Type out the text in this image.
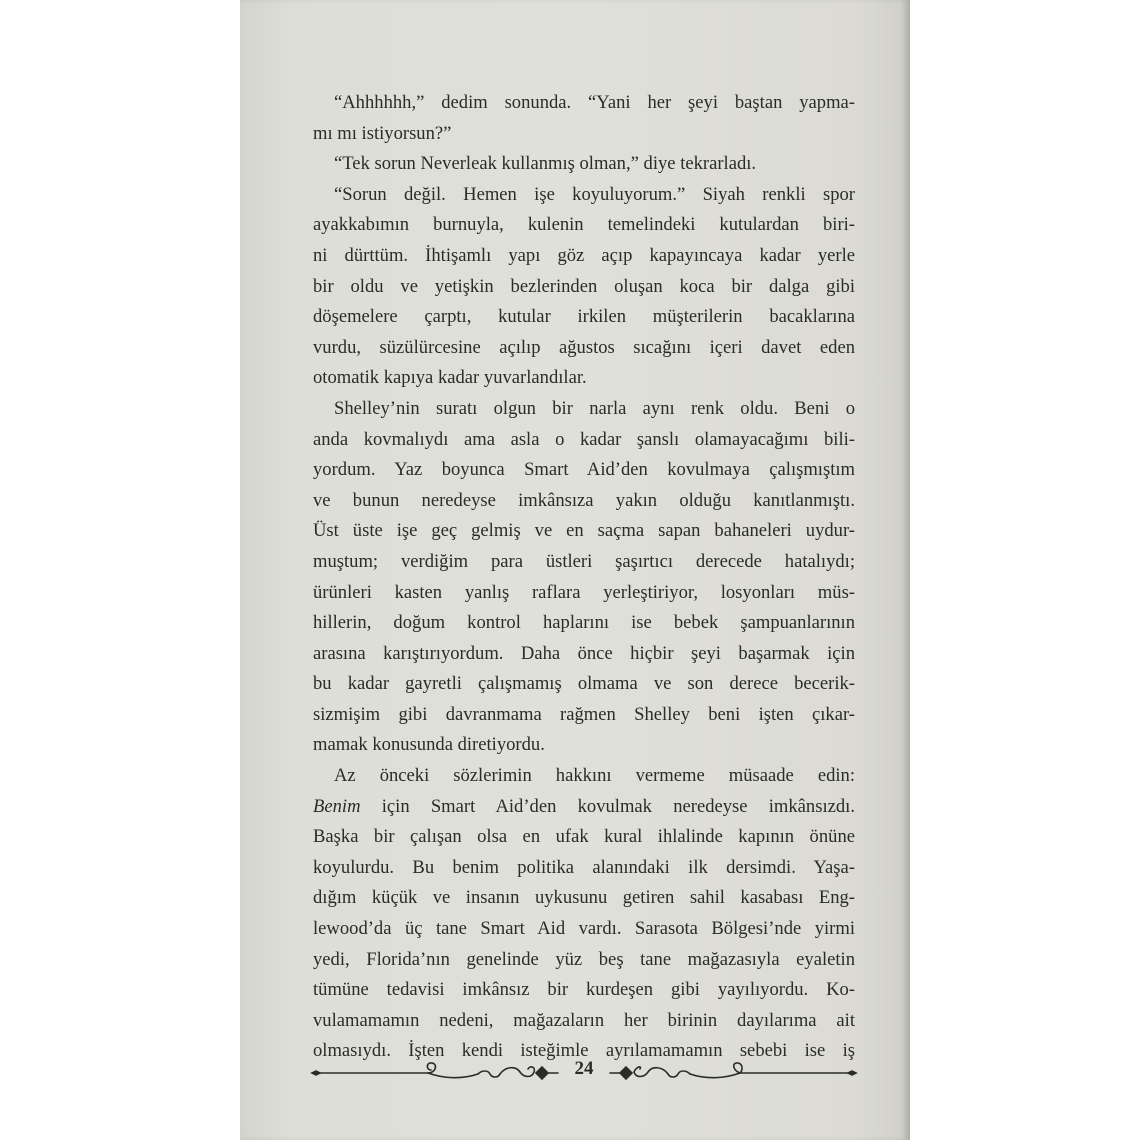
“Ahhhhhh,” dedim sonunda. “Yani her şeyi baştan yapma-
mı mı istiyorsun?”
“Tek sorun Neverleak kullanmış olman,” diye tekrarladı.
“Sorun değil. Hemen işe koyuluyorum.” Siyah renkli spor
ayakkabımın burnuyla, kulenin temelindeki kutulardan biri-
ni dürttüm. İhtişamlı yapı göz açıp kapayıncaya kadar yerle
bir oldu ve yetişkin bezlerinden oluşan koca bir dalga gibi
döşemelere çarptı, kutular irkilen müşterilerin bacaklarına
vurdu, süzülürcesine açılıp ağustos sıcağını içeri davet eden
otomatik kapıya kadar yuvarlandılar.
Shelley’nin suratı olgun bir narla aynı renk oldu. Beni o
anda kovmalıydı ama asla o kadar şanslı olamayacağımı bili-
yordum. Yaz boyunca Smart Aid’den kovulmaya çalışmıştım
ve bunun neredeyse imkânsıza yakın olduğu kanıtlanmıştı.
Üst üste işe geç gelmiş ve en saçma sapan bahaneleri uydur-
muştum; verdiğim para üstleri şaşırtıcı derecede hatalıydı;
ürünleri kasten yanlış raflara yerleştiriyor, losyonları müs-
hillerin, doğum kontrol haplarını ise bebek şampuanlarının
arasına karıştırıyordum. Daha önce hiçbir şeyi başarmak için
bu kadar gayretli çalışmamış olmama ve son derece becerik-
sizmişim gibi davranmama rağmen Shelley beni işten çıkar-
mamak konusunda diretiyordu.
Az önceki sözlerimin hakkını vermeme müsaade edin:
Benim için Smart Aid’den kovulmak neredeyse imkânsızdı.
Başka bir çalışan olsa en ufak kural ihlalinde kapının önüne
koyulurdu. Bu benim politika alanındaki ilk dersimdi. Yaşa-
dığım küçük ve insanın uykusunu getiren sahil kasabası Eng-
lewood’da üç tane Smart Aid vardı. Sarasota Bölgesi’nde yirmi
yedi, Florida’nın genelinde yüz beş tane mağazasıyla eyaletin
tümüne tedavisi imkânsız bir kurdeşen gibi yayılıyordu. Ko-
vulamamamın nedeni, mağazaların her birinin dayılarıma ait
olmasıydı. İşten kendi isteğimle ayrılamamamın sebebi ise iş
24
